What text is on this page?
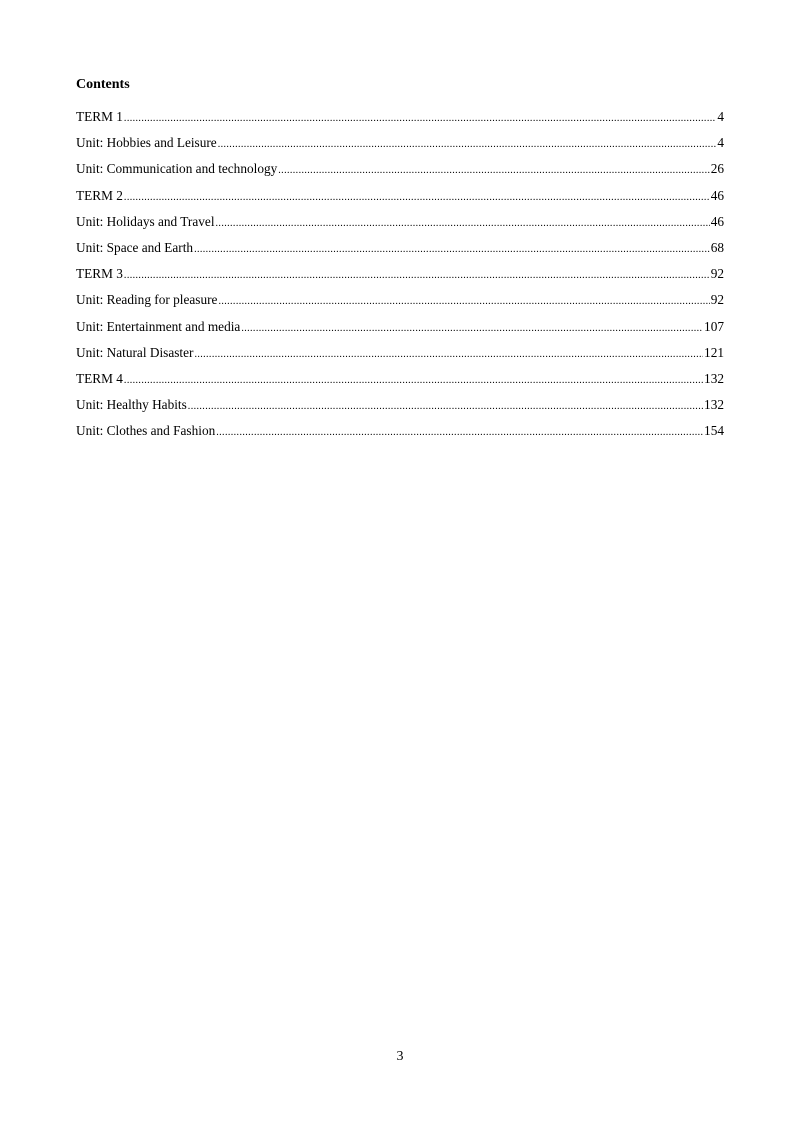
Contents
TERM 1 .....	4
Unit: Hobbies and Leisure .....	4
Unit: Communication and technology .....	26
TERM 2 .....	46
Unit: Holidays and Travel .....	46
Unit: Space and Earth .....	68
TERM 3 .....	92
Unit: Reading for pleasure .....	92
Unit: Entertainment and media .....	107
Unit: Natural Disaster .....	121
TERM 4 .....	132
Unit: Healthy Habits .....	132
Unit: Clothes and Fashion .....	154
3
